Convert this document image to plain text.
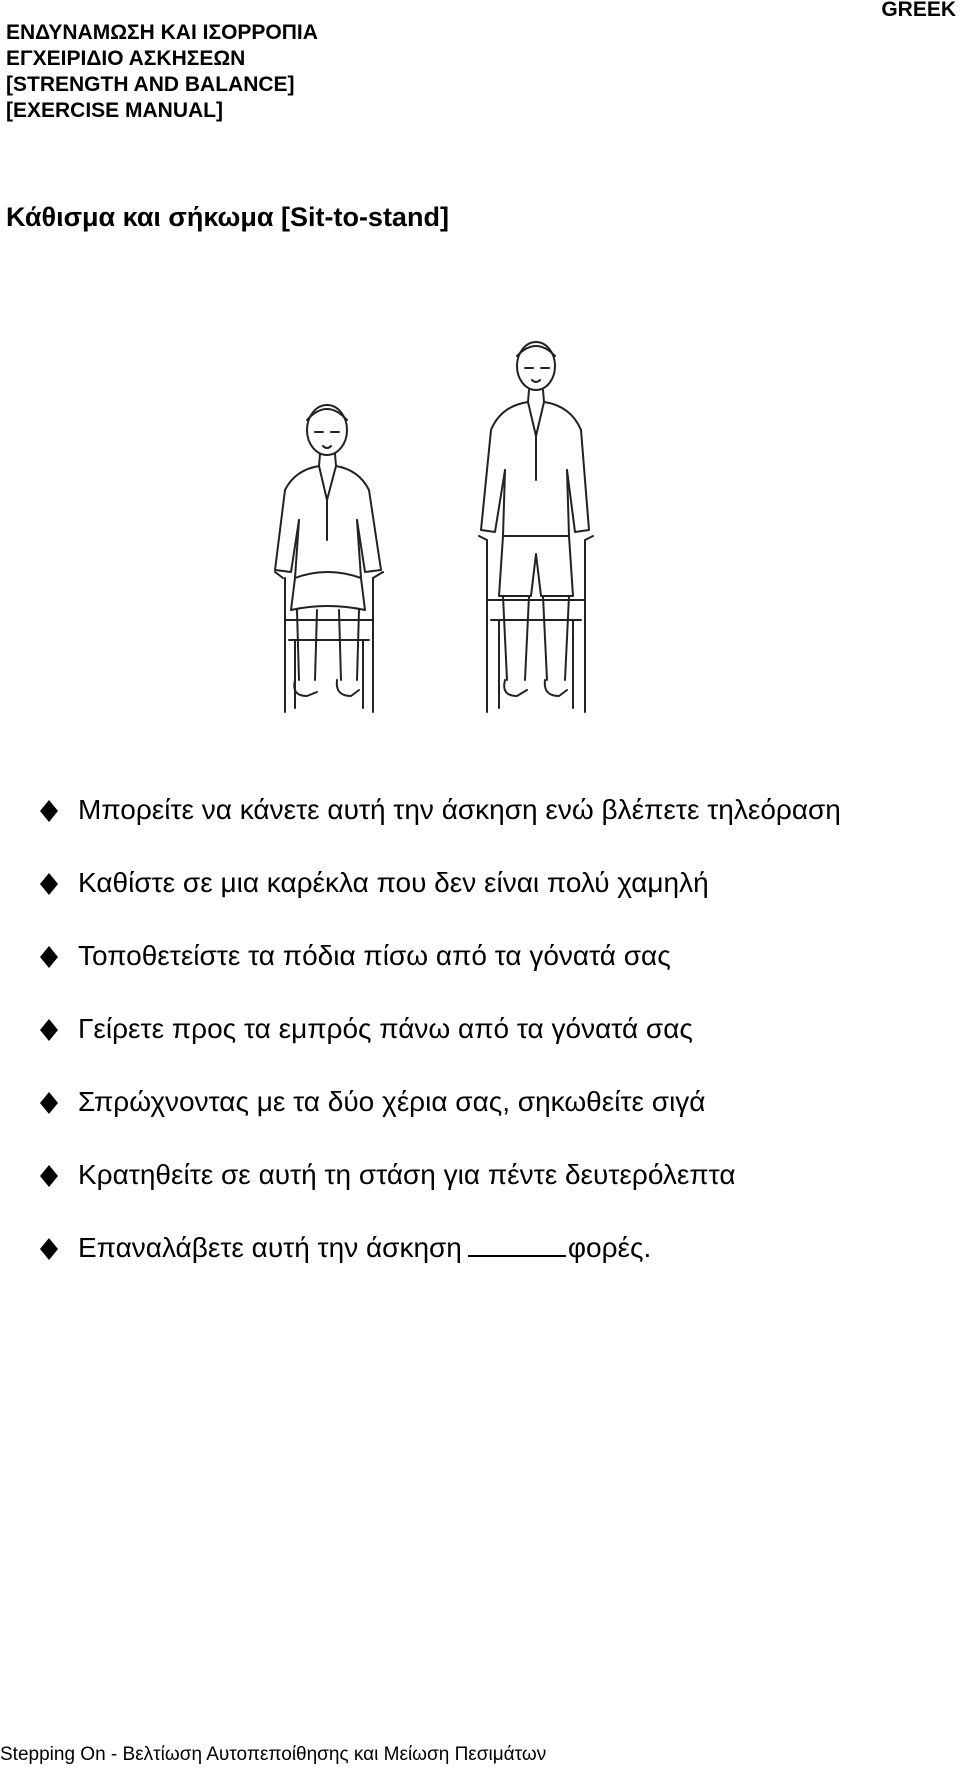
ΕΝΔΥΝΑΜΩΣΗ ΚΑΙ ΙΣΟΡΡΟΠΙΑ
ΕΓΧΕΙΡΙΔΙΟ ΑΣΚΗΣΕΩΝ
[STRENGTH AND BALANCE]
[EXERCISE MANUAL]
GREEK
Κάθισμα και σήκωμα [Sit-to-stand]
Μπορείτε να κάνετε αυτή την άσκηση ενώ βλέπετε τηλεόραση
Καθίστε σε μια καρέκλα που δεν είναι πολύ χαμηλή
Τοποθετείστε τα πόδια πίσω από τα γόνατά σας
Γείρετε προς τα εμπρός πάνω από τα γόνατά σας
Σπρώχνοντας με τα δύο χέρια σας, σηκωθείτε σιγά
Κρατηθείτε σε αυτή τη στάση για πέντε δευτερόλεπτα
Επαναλάβετε αυτή την άσκηση	φορές.
Stepping On - Βελτίωση Αυτοπεποίθησης και Μείωση Πεσιμάτων
